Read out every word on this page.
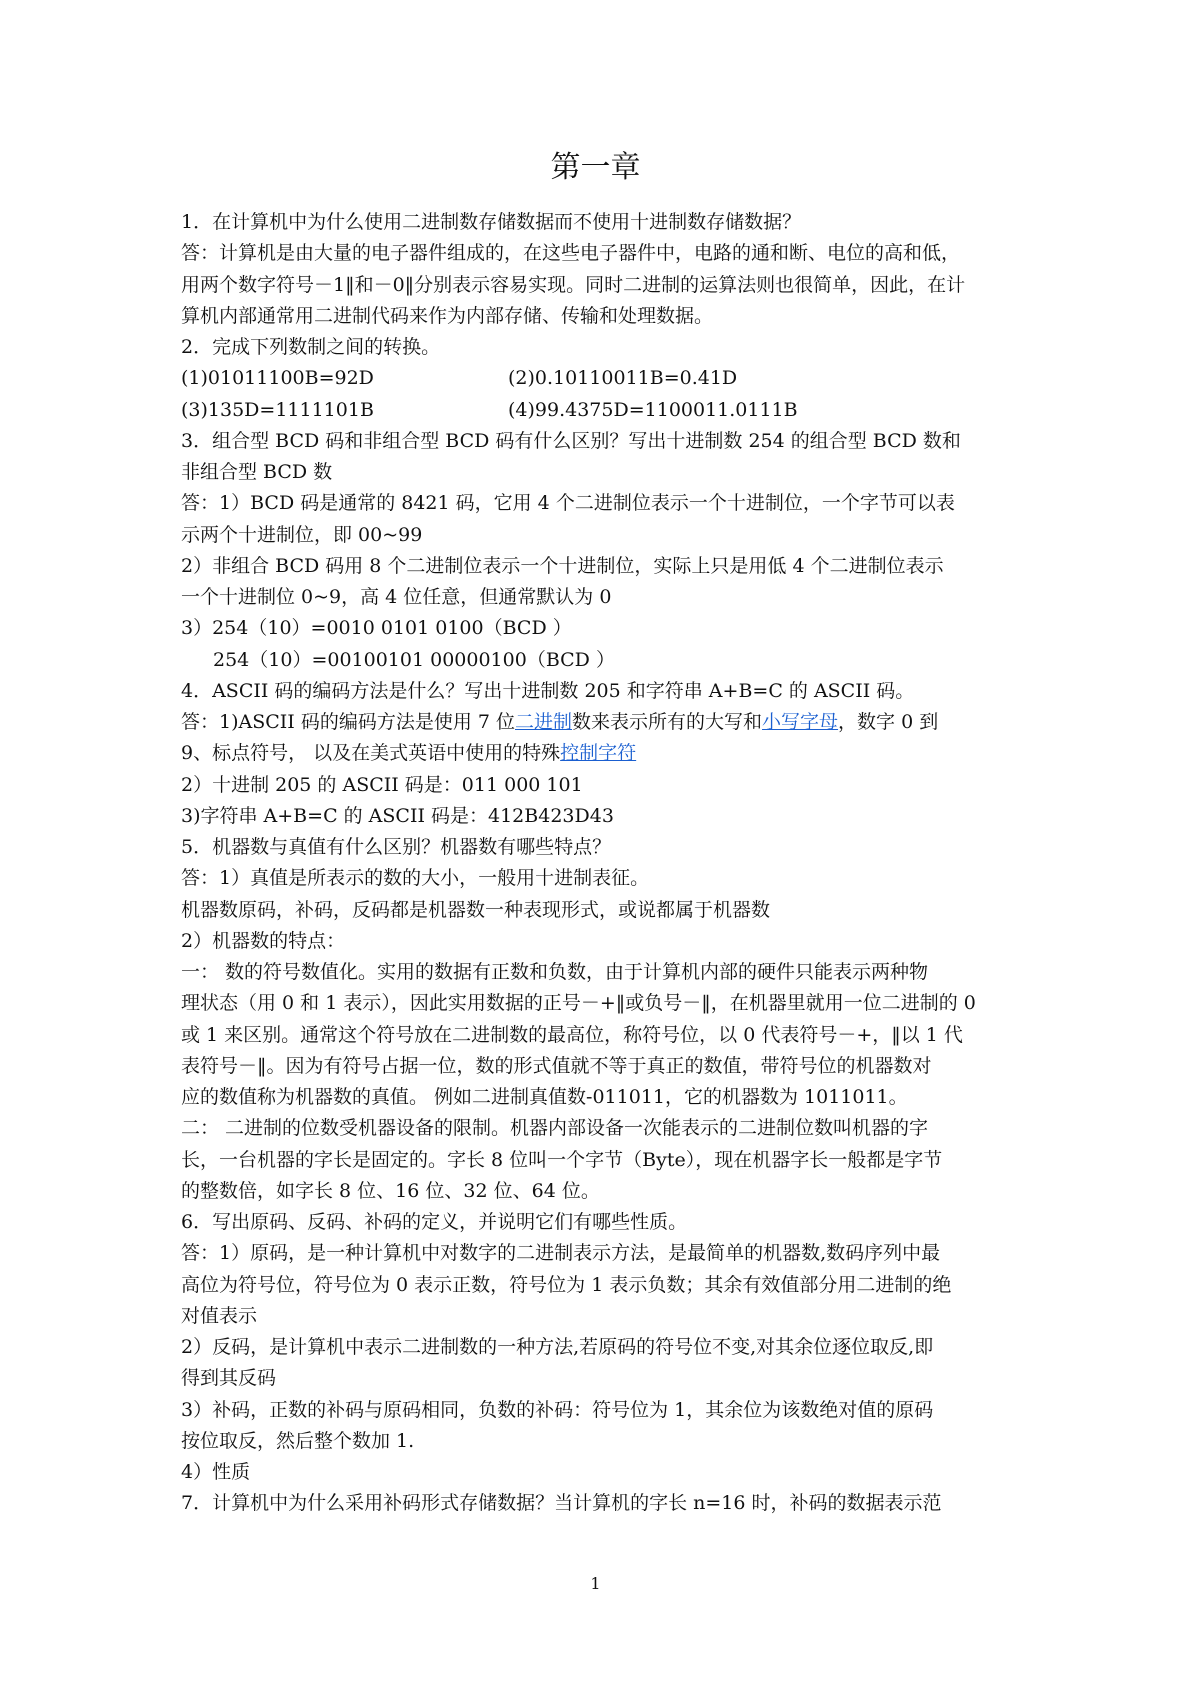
第一章
1．在计算机中为什么使用二进制数存储数据而不使用十进制数存储数据？
答：计算机是由大量的电子器件组成的，在这些电子器件中，电路的通和断、电位的高和低，
用两个数字符号－1‖和－0‖分别表示容易实现。同时二进制的运算法则也很简单，因此，在计
算机内部通常用二进制代码来作为内部存储、传输和处理数据。
2．完成下列数制之间的转换。
(1)01011100B=92D	(2)0.10110011B=0.41D
(3)135D=1111101B	(4)99.4375D=1100011.0111B
3．组合型 BCD 码和非组合型 BCD 码有什么区别？写出十进制数 254 的组合型 BCD 数和
非组合型 BCD 数
答：1）BCD 码是通常的 8421 码，它用 4 个二进制位表示一个十进制位，一个字节可以表
示两个十进制位，即 00~99
2）非组合 BCD 码用 8 个二进制位表示一个十进制位，实际上只是用低 4 个二进制位表示
一个十进制位 0~9，高 4 位任意，但通常默认为 0
3）254（10）=0010 0101 0100（BCD ）
254（10）=00100101 00000100（BCD ）
4．ASCII 码的编码方法是什么？写出十进制数 205 和字符串 A+B=C 的 ASCII 码。
答：1)ASCII 码的编码方法是使用 7 位二进制数来表示所有的大写和小写字母，数字 0 到
9、标点符号， 以及在美式英语中使用的特殊控制字符
2）十进制 205 的 ASCII 码是：011 000 101
3)字符串 A+B=C 的 ASCII 码是：412B423D43
5．机器数与真值有什么区别？机器数有哪些特点？
答：1）真值是所表示的数的大小，一般用十进制表征。
机器数原码，补码，反码都是机器数一种表现形式，或说都属于机器数
2）机器数的特点：
一： 数的符号数值化。实用的数据有正数和负数，由于计算机内部的硬件只能表示两种物
理状态（用 0 和 1 表示），因此实用数据的正号－+‖或负号－‖，在机器里就用一位二进制的 0
或 1 来区别。通常这个符号放在二进制数的最高位，称符号位，以 0 代表符号－+，‖以 1 代
表符号－‖。因为有符号占据一位，数的形式值就不等于真正的数值，带符号位的机器数对
应的数值称为机器数的真值。 例如二进制真值数-011011，它的机器数为 1011011。
二： 二进制的位数受机器设备的限制。机器内部设备一次能表示的二进制位数叫机器的字
长，一台机器的字长是固定的。字长 8 位叫一个字节（Byte），现在机器字长一般都是字节
的整数倍，如字长 8 位、16 位、32 位、64 位。
6．写出原码、反码、补码的定义，并说明它们有哪些性质。
答：1）原码，是一种计算机中对数字的二进制表示方法，是最简单的机器数,数码序列中最
高位为符号位，符号位为 0 表示正数，符号位为 1 表示负数；其余有效值部分用二进制的绝
对值表示
2）反码，是计算机中表示二进制数的一种方法,若原码的符号位不变,对其余位逐位取反,即
得到其反码
3）补码，正数的补码与原码相同，负数的补码：符号位为 1，其余位为该数绝对值的原码
按位取反，然后整个数加 1.
4）性质
7．计算机中为什么采用补码形式存储数据？当计算机的字长 n=16 时，补码的数据表示范
1
